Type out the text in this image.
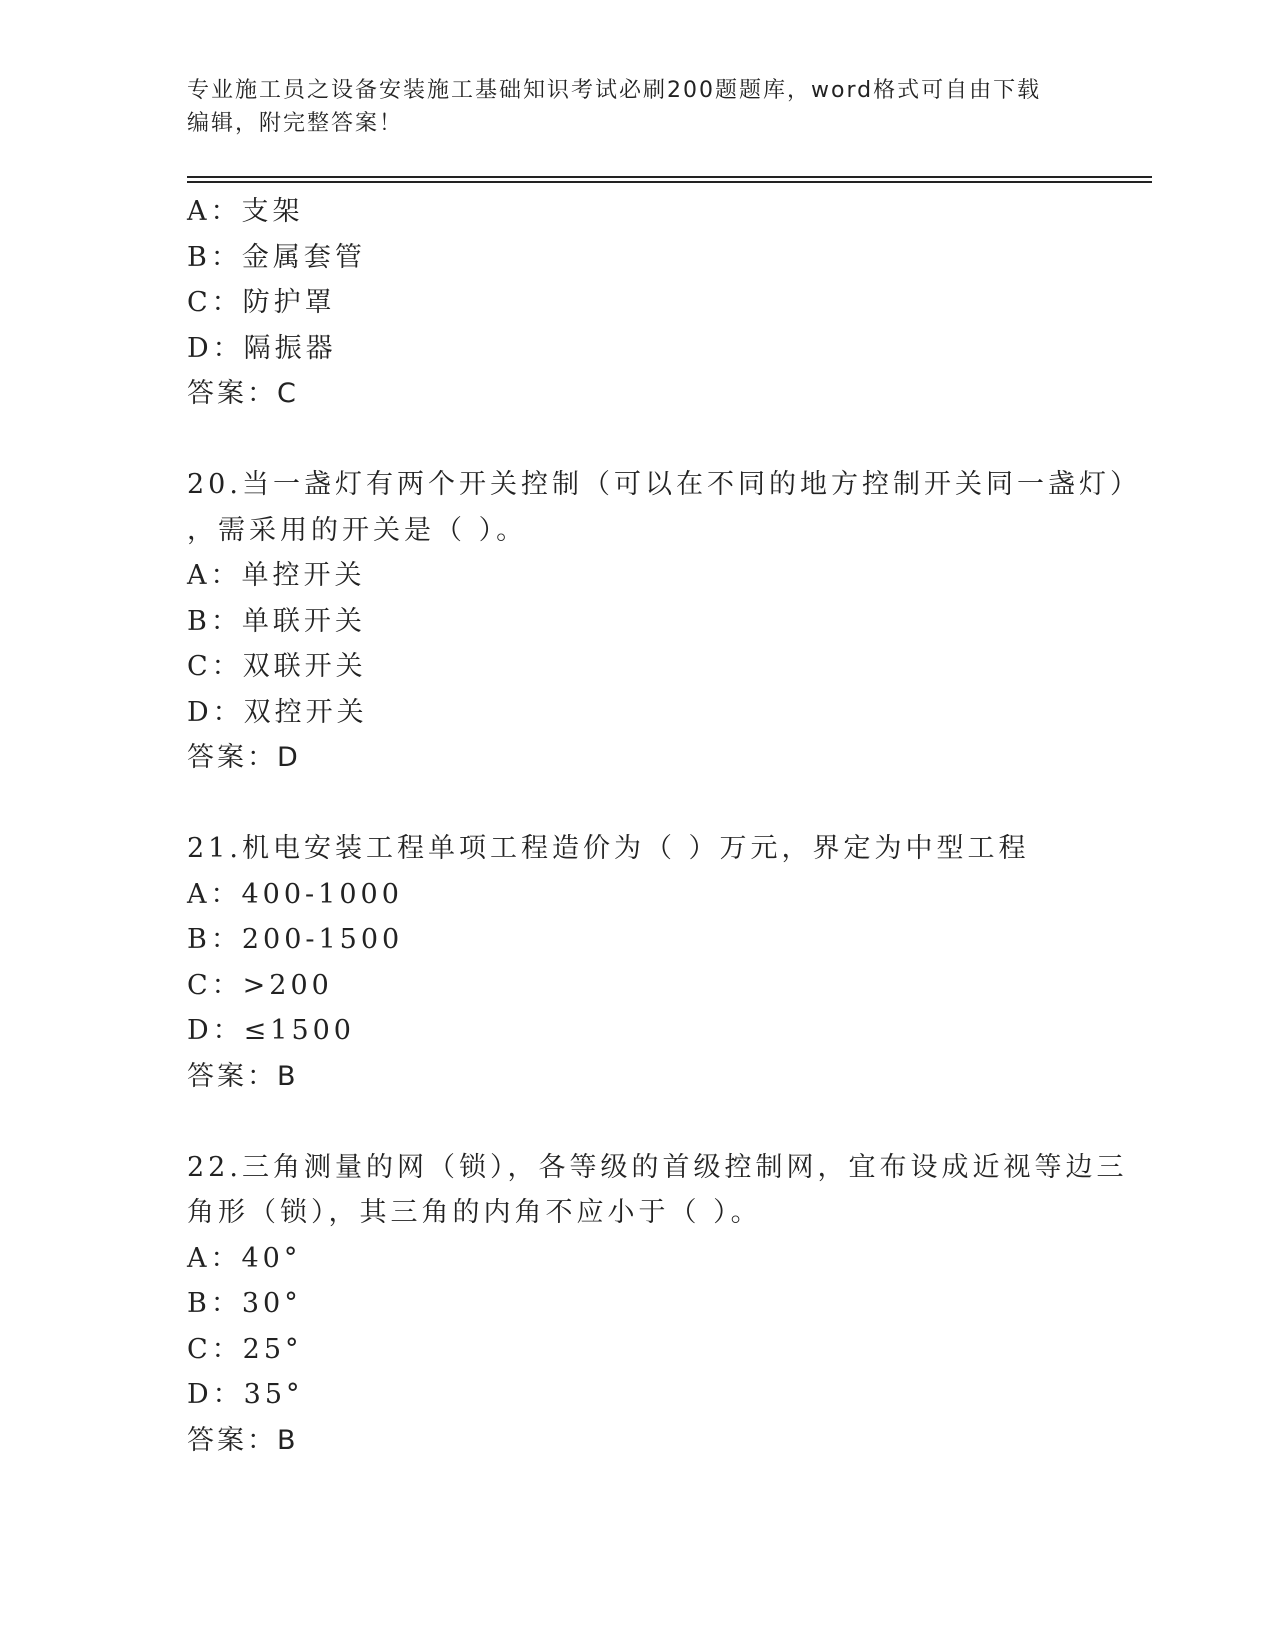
专业施工员之设备安装施工基础知识考试必刷200题题库，word格式可自由下载
编辑，附完整答案！
A：支架
B：金属套管
C：防护罩
D：隔振器
答案：C
20.当一盏灯有两个开关控制（可以在不同的地方控制开关同一盏灯）
，需采用的开关是（ ）。
A：单控开关
B：单联开关
C：双联开关
D：双控开关
答案：D
21.机电安装工程单项工程造价为（ ）万元，界定为中型工程
A：400-1000
B：200-1500
C：>200
D：≤1500
答案：B
22.三角测量的网（锁），各等级的首级控制网，宜布设成近视等边三
角形（锁），其三角的内角不应小于（ ）。
A：40°
B：30°
C：25°
D：35°
答案：B
